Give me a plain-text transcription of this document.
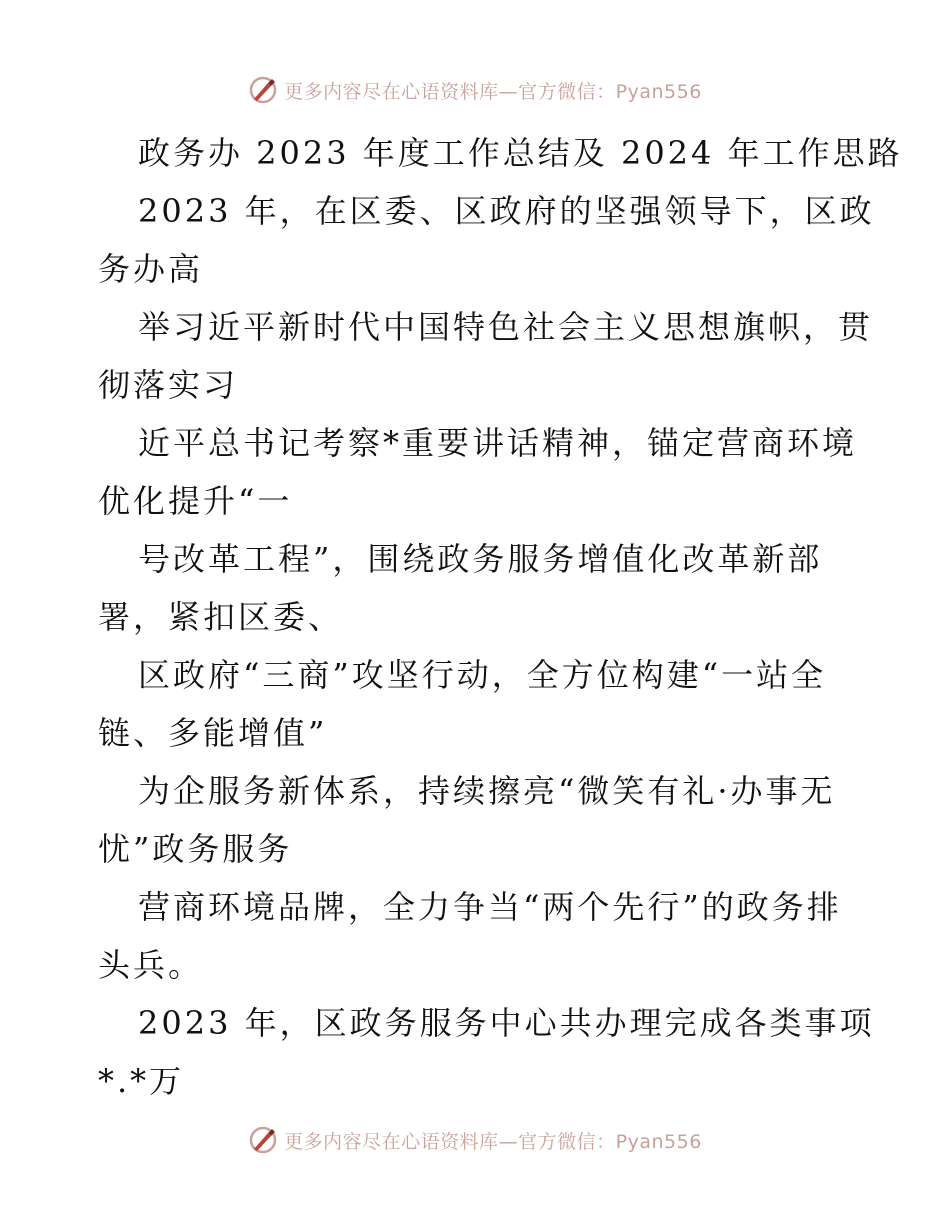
更多内容尽在心语资料库—官方微信：Pyan556
政务办 2023 年度工作总结及 2024 年工作思路
2023 年，在区委、区政府的坚强领导下，区政
务办高
举习近平新时代中国特色社会主义思想旗帜，贯
彻落实习
近平总书记考察*重要讲话精神，锚定营商环境
优化提升“一
号改革工程”，围绕政务服务增值化改革新部
署，紧扣区委、
区政府“三商”攻坚行动，全方位构建“一站全
链、多能增值”
为企服务新体系，持续擦亮“微笑有礼·办事无
忧”政务服务
营商环境品牌，全力争当“两个先行”的政务排
头兵。
2023 年，区政务服务中心共办理完成各类事项
*.*万
更多内容尽在心语资料库—官方微信：Pyan556
